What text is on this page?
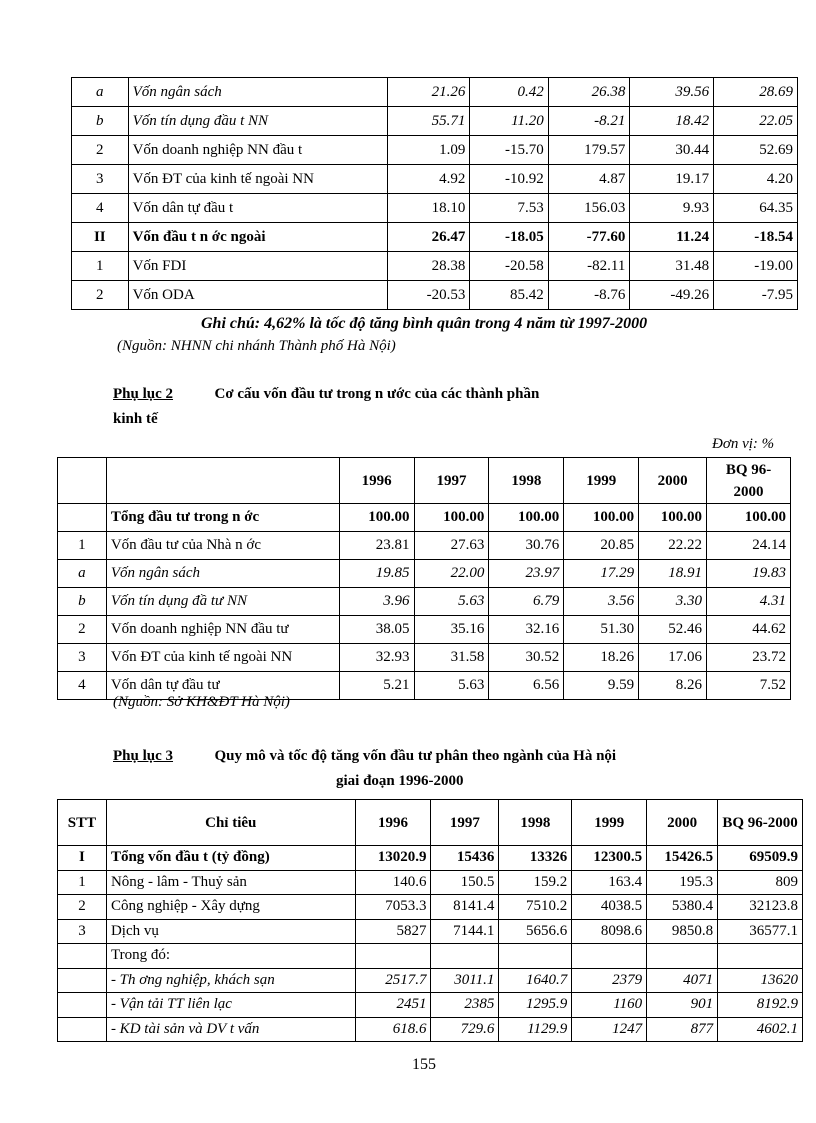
a	Vốn ngân sách	21.26	0.42	26.38	39.56	28.69
b	Vốn tín dụng đầu t NN	55.71	11.20	-8.21	18.42	22.05
2	Vốn doanh nghiệp NN đầu t	1.09	-15.70	179.57	30.44	52.69
3	Vốn ĐT của kinh tế ngoài NN	4.92	-10.92	4.87	19.17	4.20
4	Vốn dân tự đầu t	18.10	7.53	156.03	9.93	64.35
II	Vốn đầu t n ớc ngoài	26.47	-18.05	-77.60	11.24	-18.54
1	Vốn FDI	28.38	-20.58	-82.11	31.48	-19.00
2	Vốn ODA	-20.53	85.42	-8.76	-49.26	-7.95
Ghi chú: 4,62% là tốc độ tăng bình quân trong 4 năm từ 1997-2000
(Nguồn: NHNN chi nhánh Thành phố Hà Nội)
Phụ lục 2	Cơ cấu vốn đầu tư trong n ước của các thành phần
kinh tế
Đơn vị: %
		1996	1997	1998	1999	2000	BQ 96-2000
	Tổng đầu tư trong n ớc	100.00	100.00	100.00	100.00	100.00	100.00
1	Vốn đầu tư của Nhà n ớc	23.81	27.63	30.76	20.85	22.22	24.14
a	Vốn ngân sách	19.85	22.00	23.97	17.29	18.91	19.83
b	Vốn tín dụng đầ tư NN	3.96	5.63	6.79	3.56	3.30	4.31
2	Vốn doanh nghiệp NN đầu tư	38.05	35.16	32.16	51.30	52.46	44.62
3	Vốn ĐT của kinh tế ngoài NN	32.93	31.58	30.52	18.26	17.06	23.72
4	Vốn dân tự đầu tư	5.21	5.63	6.56	9.59	8.26	7.52
(Nguồn: Sở KH&ĐT Hà Nội)
Phụ lục 3	Quy mô và tốc độ tăng vốn đầu tư phân theo ngành của Hà nội
giai đoạn 1996-2000
STT	Chỉ tiêu	1996	1997	1998	1999	2000	BQ 96-2000
I	Tổng vốn đầu t (tỷ đồng)	13020.9	15436	13326	12300.5	15426.5	69509.9
1	Nông - lâm - Thuỷ sản	140.6	150.5	159.2	163.4	195.3	809
2	Công nghiệp - Xây dựng	7053.3	8141.4	7510.2	4038.5	5380.4	32123.8
3	Dịch vụ	5827	7144.1	5656.6	8098.6	9850.8	36577.1
	Trong đó:						
	- Th ơng nghiệp, khách sạn	2517.7	3011.1	1640.7	2379	4071	13620
	- Vận tải TT liên lạc	2451	2385	1295.9	1160	901	8192.9
	- KD tài sản và DV t vấn	618.6	729.6	1129.9	1247	877	4602.1
155
